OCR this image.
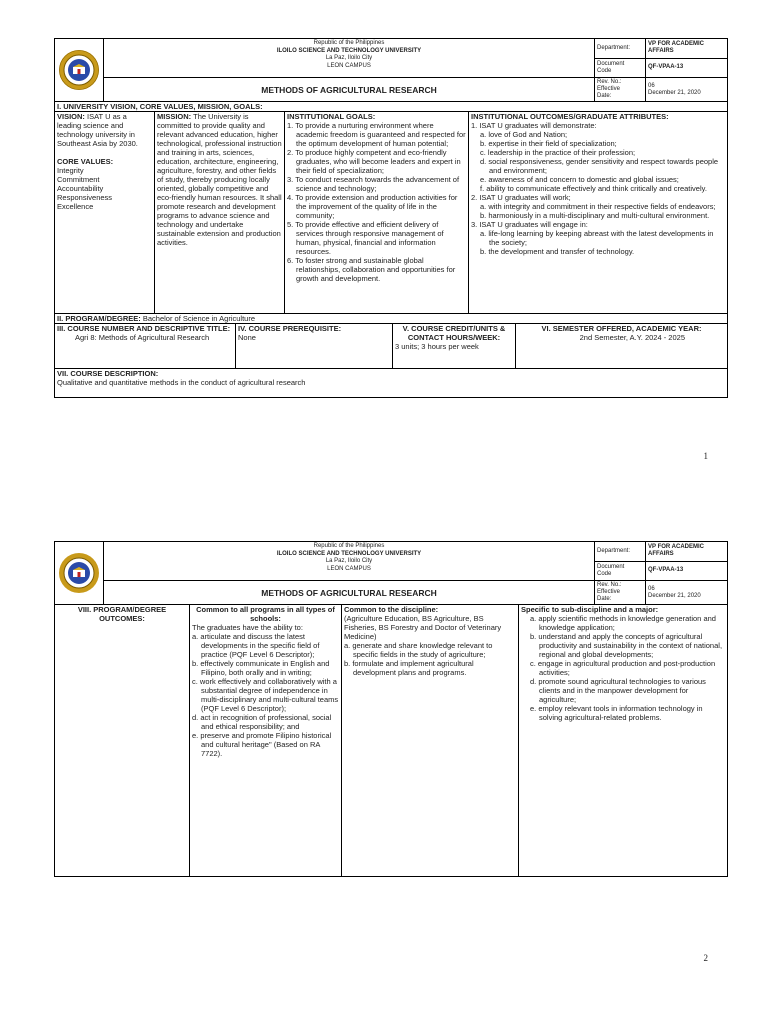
Republic of the Philippines
ILOILO SCIENCE AND TECHNOLOGY UNIVERSITY
La Paz, Iloilo City
LEON CAMPUS
METHODS OF AGRICULTURAL RESEARCH
Department:
VP FOR ACADEMIC AFFAIRS
Document
Code
QF-VPAA-13
Rev. No.:
Effective
Date:
06
December 21, 2020
I. UNIVERSITY VISION, CORE VALUES, MISSION, GOALS:
VISION: ISAT U as a leading science and technology university in Southeast Asia by 2030.
CORE VALUES:
Integrity
Commitment
Accountability
Responsiveness
Excellence
MISSION: The University is committed to provide quality and relevant advanced education, higher technological, professional instruction and training in arts, sciences, education, architecture, engineering, agriculture, forestry, and other fields of study, thereby producing locally oriented, globally competitive and eco-friendly human resources. It shall promote research and development programs to advance science and technology and undertake sustainable extension and production activities.
INSTITUTIONAL GOALS:
1. To provide a nurturing environment where academic freedom is guaranteed and respected for the optimum development of human potential;
2. To produce highly competent and eco-friendly graduates, who will become leaders and expert in their field of specialization;
3. To conduct research towards the advancement of science and technology;
4. To provide extension and production activities for the improvement of the quality of life in the community;
5. To provide effective and efficient delivery of services through responsive management of human, physical, financial and information resources.
6. To foster strong and sustainable global relationships, collaboration and opportunities for growth and development.
INSTITUTIONAL OUTCOMES/GRADUATE ATTRIBUTES:
1. ISAT U graduates will demonstrate:
a. love of God and Nation;
b. expertise in their field of specialization;
c. leadership in the practice of their profession;
d. social responsiveness, gender sensitivity and respect towards people and environment;
e. awareness of and concern to domestic and global issues;
f. ability to communicate effectively and think critically and creatively.
2. ISAT U graduates will work;
a. with integrity and commitment in their respective fields of endeavors;
b. harmoniously in a multi-disciplinary and multi-cultural environment.
3. ISAT U graduates will engage in:
a. life-long learning by keeping abreast with the latest developments in the society;
b. the development and transfer of technology.
II. PROGRAM/DEGREE: Bachelor of Science in Agriculture
III. COURSE NUMBER AND DESCRIPTIVE TITLE:
Agri 8: Methods of Agricultural Research
IV. COURSE PREREQUISITE:
None
V. COURSE CREDIT/UNITS & CONTACT HOURS/WEEK:
3 units; 3 hours per week
VI. SEMESTER OFFERED, ACADEMIC YEAR:
2nd Semester, A.Y. 2024 - 2025
VII. COURSE DESCRIPTION:
Qualitative and quantitative methods in the conduct of agricultural research
1
Republic of the Philippines
ILOILO SCIENCE AND TECHNOLOGY UNIVERSITY
La Paz, Iloilo City
LEON CAMPUS
METHODS OF AGRICULTURAL RESEARCH
Department:
VP FOR ACADEMIC AFFAIRS
Document
Code
QF-VPAA-13
Rev. No.:
Effective
Date:
06
December 21, 2020
VIII. PROGRAM/DEGREE OUTCOMES:
Common to all programs in all types of schools:
The graduates have the ability to:
a. articulate and discuss the latest developments in the specific field of practice (PQF Level 6 Descriptor);
b. effectively communicate in English and Filipino, both orally and in writing;
c. work effectively and collaboratively with a substantial degree of independence in multi-disciplinary and multi-cultural teams (PQF Level 6 Descriptor);
d. act in recognition of professional, social and ethical responsibility; and
e. preserve and promote Filipino historical and cultural heritage" (Based on RA 7722).
Common to the discipline:
(Agriculture Education, BS Agriculture, BS Fisheries, BS Forestry and Doctor of Veterinary Medicine)
a. generate and share knowledge relevant to specific fields in the study of agriculture;
b. formulate and implement agricultural development plans and programs.
Specific to sub-discipline and a major:
a. apply scientific methods in knowledge generation and knowledge application;
b. understand and apply the concepts of agricultural productivity and sustainability in the context of national, regional and global developments;
c. engage in agricultural production and post-production activities;
d. promote sound agricultural technologies to various clients and in the manpower development for agriculture;
e. employ relevant tools in information technology in solving agricultural-related problems.
2
